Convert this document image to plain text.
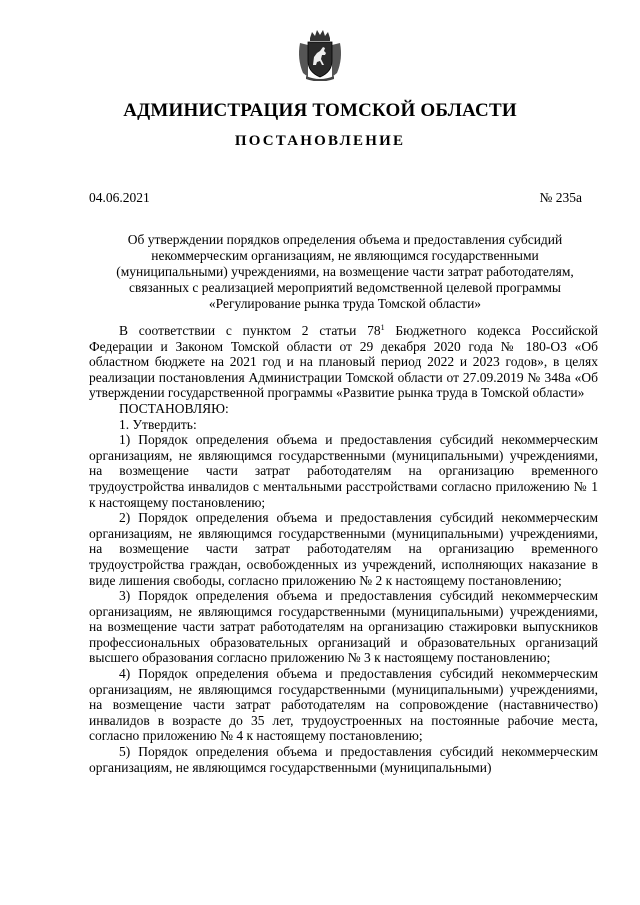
АДМИНИСТРАЦИЯ ТОМСКОЙ ОБЛАСТИ
ПОСТАНОВЛЕНИЕ
04.06.2021	№ 235а
Об утверждении порядков определения объема и предоставления субсидий
некоммерческим организациям, не являющимся государственными
(муниципальными) учреждениями, на возмещение части затрат работодателям,
связанных с реализацией мероприятий ведомственной целевой программы
«Регулирование рынка труда Томской области»

В соответствии с пунктом 2 статьи $78^1$ Бюджетного кодекса Российской Федерации и Законом Томской области от 29 декабря 2020 года № 180-ОЗ «Об областном бюджете на 2021 год и на плановый период 2022 и 2023 годов», в целях реализации постановления Администрации Томской области от 27.09.2019 № 348а «Об утверждении государственной программы «Развитие рынка труда в Томской области»

ПОСТАНОВЛЯЮ:

1. Утвердить:

1) Порядок определения объема и предоставления субсидий некоммерческим организациям, не являющимся государственными (муниципальными) учреждениями, на возмещение части затрат работодателям на организацию временного трудоустройства инвалидов с ментальными расстройствами согласно приложению № 1 к настоящему постановлению;

2) Порядок определения объема и предоставления субсидий некоммерческим организациям, не являющимся государственными (муниципальными) учреждениями, на возмещение части затрат работодателям на организацию временного трудоустройства граждан, освобожденных из учреждений, исполняющих наказание в виде лишения свободы, согласно приложению № 2 к настоящему постановлению;

3) Порядок определения объема и предоставления субсидий некоммерческим организациям, не являющимся государственными (муниципальными) учреждениями, на возмещение части затрат работодателям на организацию стажировки выпускников профессиональных образовательных организаций и образовательных организаций высшего образования согласно приложению № 3 к настоящему постановлению;

4) Порядок определения объема и предоставления субсидий некоммерческим организациям, не являющимся государственными (муниципальными) учреждениями, на возмещение части затрат работодателям на сопровождение (наставничество) инвалидов в возрасте до 35 лет, трудоустроенных на постоянные рабочие места, согласно приложению № 4 к настоящему постановлению;

5) Порядок определения объема и предоставления субсидий некоммерческим организациям, не являющимся государственными (муниципальными)
